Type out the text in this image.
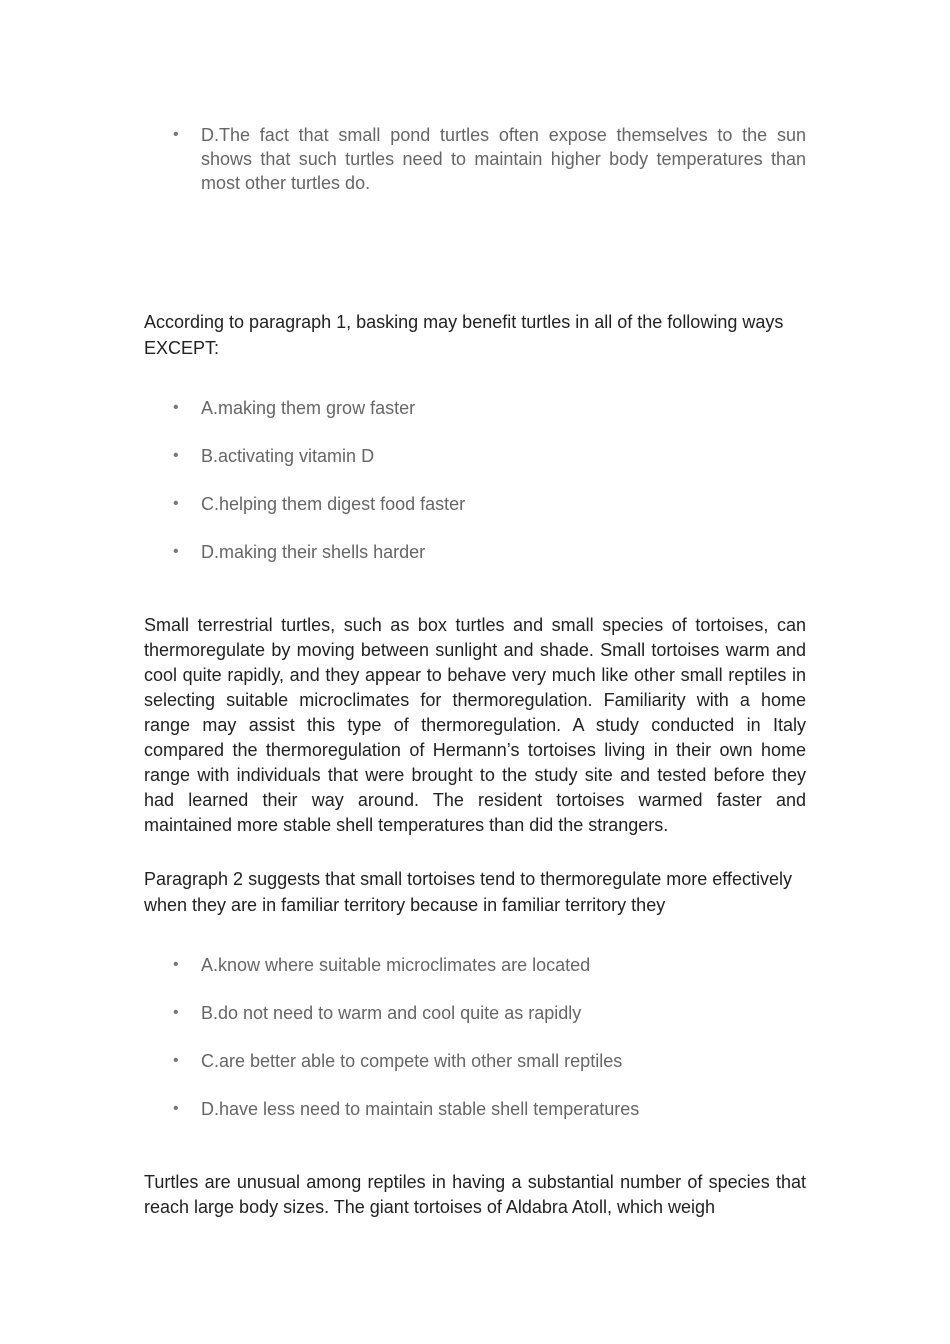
• D.The fact that small pond turtles often expose themselves to the sun shows that such turtles need to maintain higher body temperatures than most other turtles do.

According to paragraph 1, basking may benefit turtles in all of the following ways EXCEPT:

• A.making them grow faster
• B.activating vitamin D
• C.helping them digest food faster
• D.making their shells harder

Small terrestrial turtles, such as box turtles and small species of tortoises, can thermoregulate by moving between sunlight and shade. Small tortoises warm and cool quite rapidly, and they appear to behave very much like other small reptiles in selecting suitable microclimates for thermoregulation. Familiarity with a home range may assist this type of thermoregulation. A study conducted in Italy compared the thermoregulation of Hermann’s tortoises living in their own home range with individuals that were brought to the study site and tested before they had learned their way around. The resident tortoises warmed faster and maintained more stable shell temperatures than did the strangers.

Paragraph 2 suggests that small tortoises tend to thermoregulate more effectively when they are in familiar territory because in familiar territory they

• A.know where suitable microclimates are located
• B.do not need to warm and cool quite as rapidly
• C.are better able to compete with other small reptiles
• D.have less need to maintain stable shell temperatures

Turtles are unusual among reptiles in having a substantial number of species that reach large body sizes. The giant tortoises of Aldabra Atoll, which weigh
